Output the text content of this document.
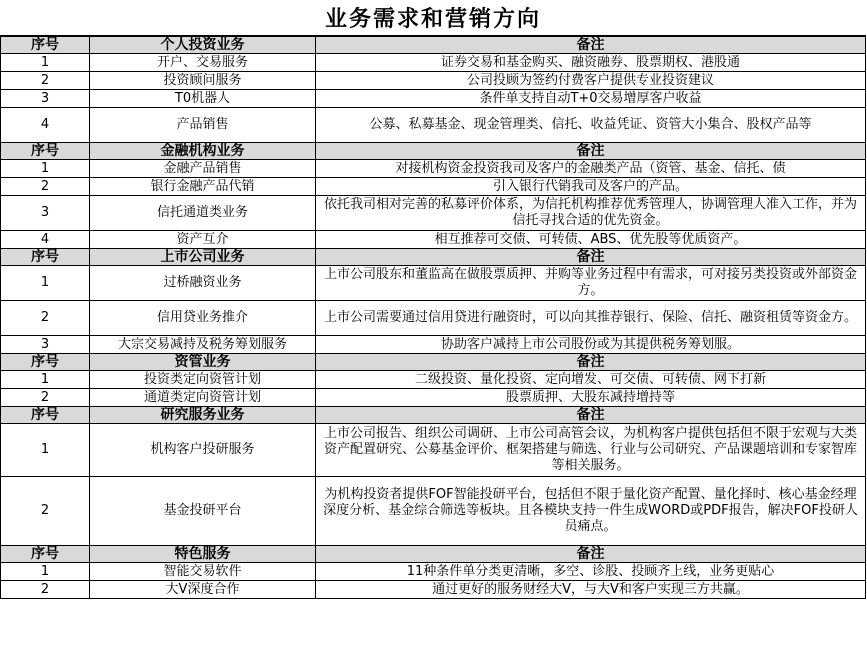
业务需求和营销方向
序号	个人投资业务	备注
1	开户、交易服务	证券交易和基金购买、融资融券、股票期权、港股通
2	投资顾问服务	公司投顾为签约付费客户提供专业投资建议
3	T0机器人	条件单支持自动T+0交易增厚客户收益
4	产品销售	公募、私募基金、现金管理类、信托、收益凭证、资管大小集合、股权产品等
序号	金融机构业务	备注
1	金融产品销售	对接机构资金投资我司及客户的金融类产品（资管、基金、信托、债
2	银行金融产品代销	引入银行代销我司及客户的产品。
3	信托通道类业务	依托我司相对完善的私募评价体系，为信托机构推荐优秀管理人，协调管理人准入工作，并为信托寻找合适的优先资金。
4	资产互介	相互推荐可交债、可转债、ABS、优先股等优质资产。
序号	上市公司业务	备注
1	过桥融资业务	上市公司股东和董监高在做股票质押、并购等业务过程中有需求，可对接另类投资或外部资金方。
2	信用贷业务推介	上市公司需要通过信用贷进行融资时，可以向其推荐银行、保险、信托、融资租赁等资金方。
3	大宗交易减持及税务筹划服务	协助客户减持上市公司股份或为其提供税务筹划服。
序号	资管业务	备注
1	投资类定向资管计划	二级投资、量化投资、定向增发、可交债、可转债、网下打新
2	通道类定向资管计划	股票质押、大股东减持增持等
序号	研究服务业务	备注
1	机构客户投研服务	上市公司报告、组织公司调研、上市公司高管会议，为机构客户提供包括但不限于宏观与大类资产配置研究、公募基金评价、框架搭建与筛选、行业与公司研究、产品课题培训和专家智库等相关服务。
2	基金投研平台	为机构投资者提供FOF智能投研平台，包括但不限于量化资产配置、量化择时、核心基金经理深度分析、基金综合筛选等板块。且各模块支持一件生成WORD或PDF报告，解决FOF投研人员痛点。
序号	特色服务	备注
1	智能交易软件	11种条件单分类更清晰，多空、诊股、投顾齐上线，业务更贴心
2	大V深度合作	通过更好的服务财经大V，与大V和客户实现三方共赢。
